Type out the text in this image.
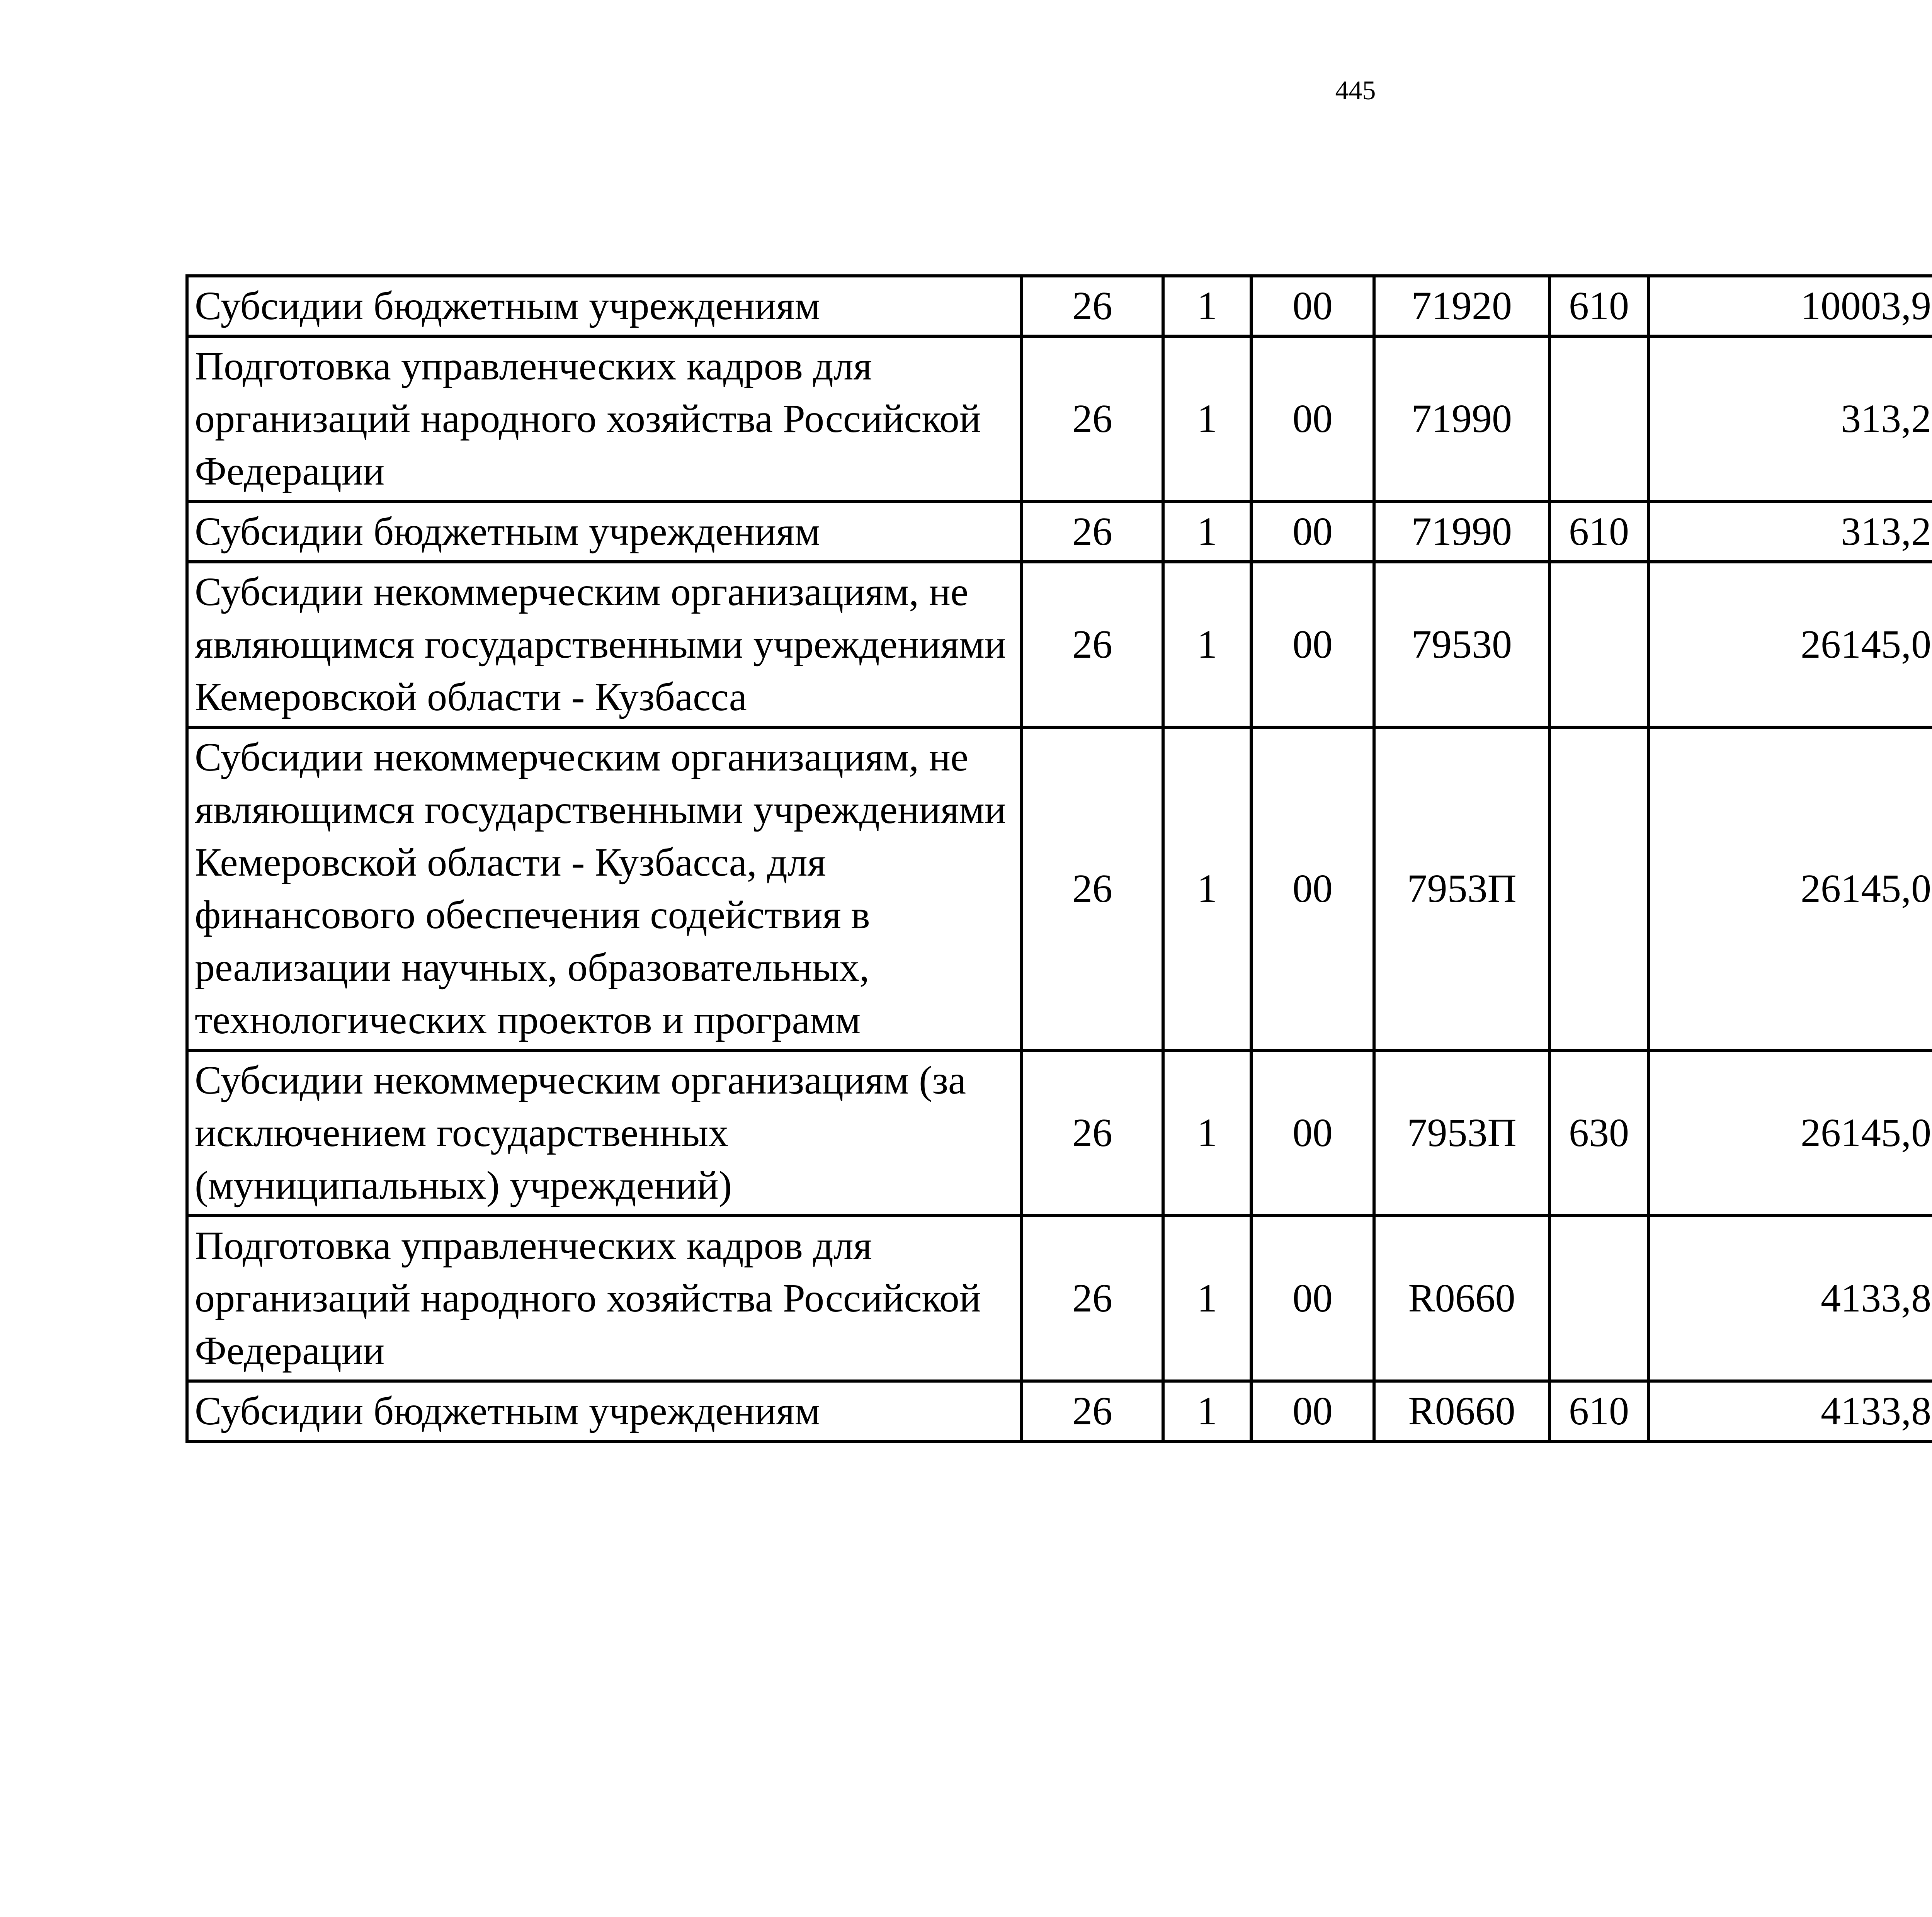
445
Субсидии бюджетным учреждениям	26	1	00	71920	610	10003,9		
Подготовка управленческих кадров для организаций народного хозяйства Российской Федерации	26	1	00	71990		313,2		
Субсидии бюджетным учреждениям	26	1	00	71990	610	313,2		
Субсидии некоммерческим организациям, не являющимся государственными учреждениями Кемеровской области - Кузбасса	26	1	00	79530		26145,0		
Субсидии некоммерческим организациям, не являющимся государственными учреждениями Кемеровской области - Кузбасса, для финансового обеспечения содействия в реализации научных, образовательных, технологических проектов и программ	26	1	00	7953П		26145,0		
Субсидии некоммерческим организациям (за исключением государственных (муниципальных) учреждений)	26	1	00	7953П	630	26145,0		
Подготовка управленческих кадров для организаций народного хозяйства Российской Федерации	26	1	00	R0660		4133,8		
Субсидии бюджетным учреждениям	26	1	00	R0660	610	4133,8		
